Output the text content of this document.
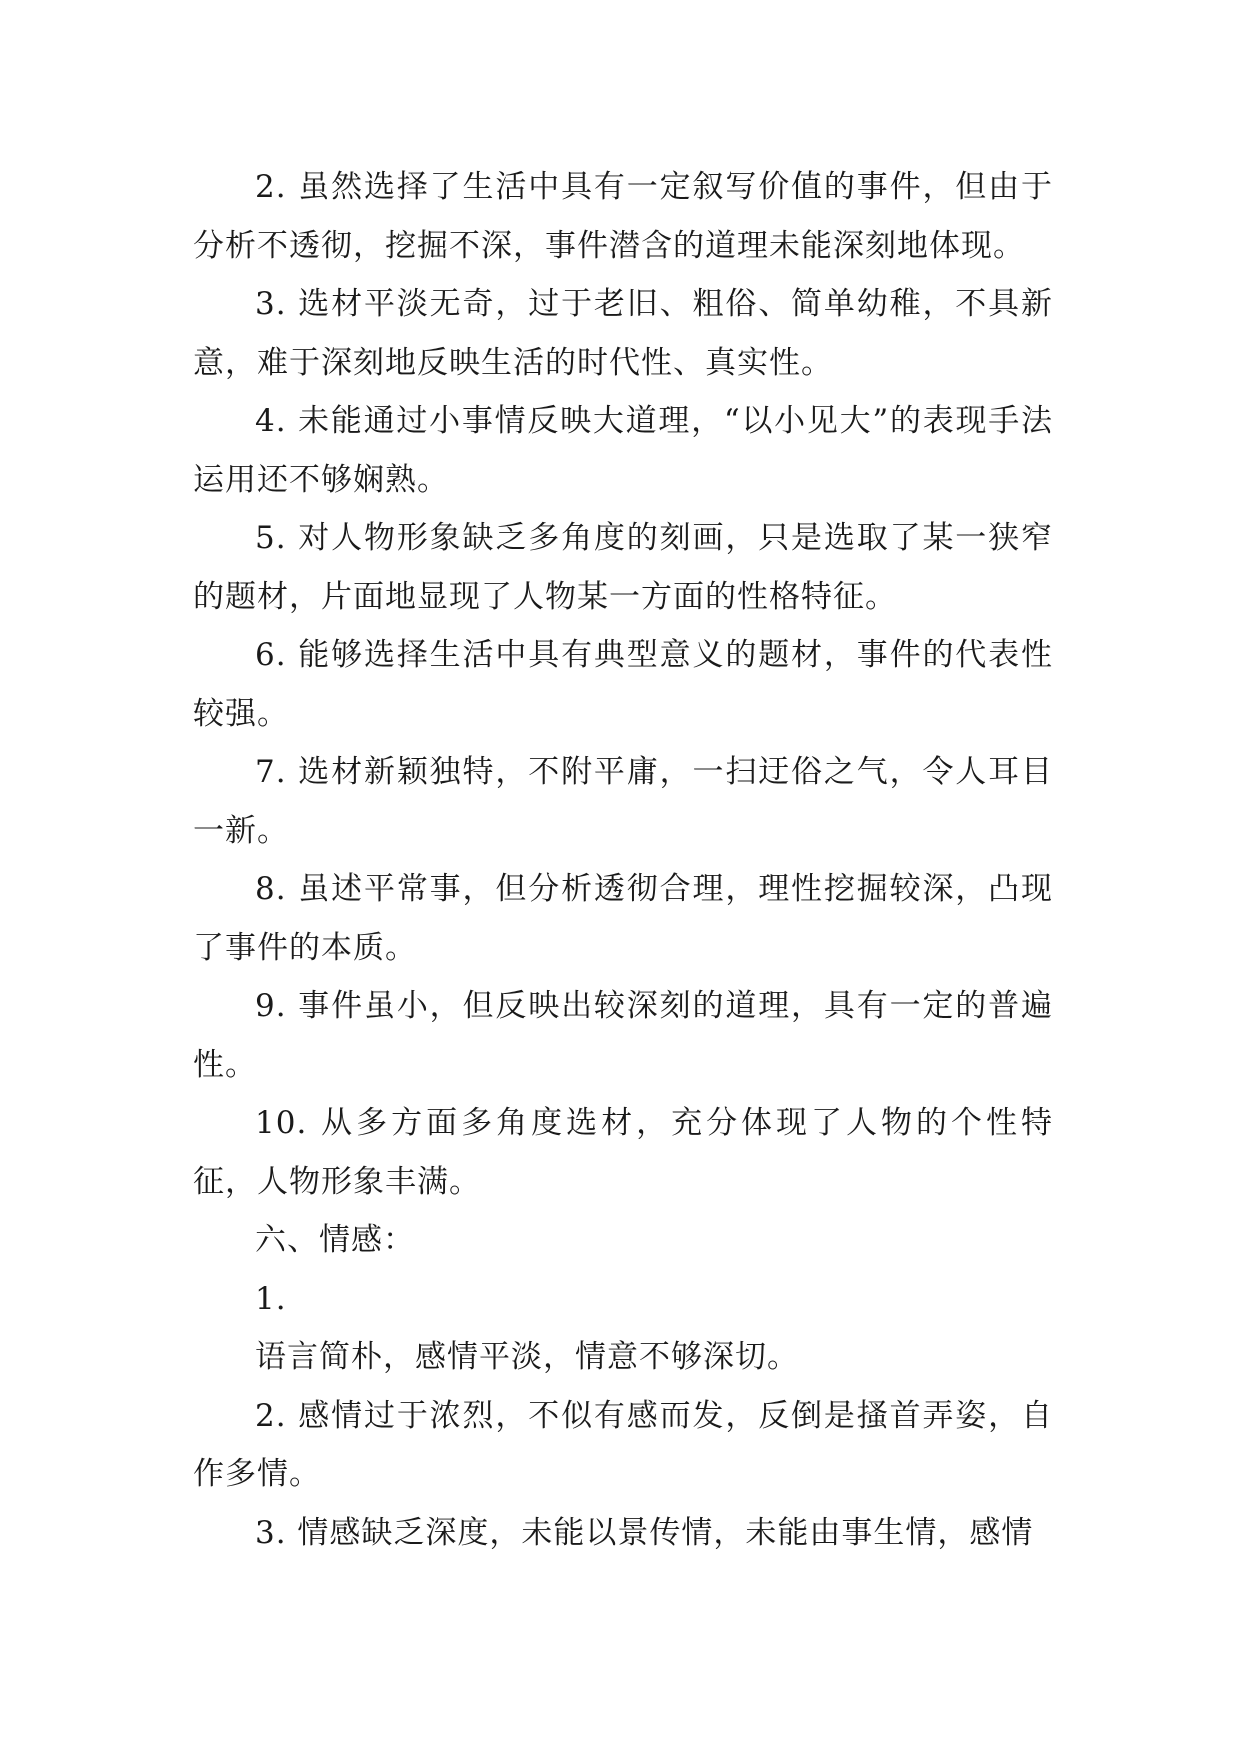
2. 虽然选择了生活中具有一定叙写价值的事件，但由于分析不透彻，挖掘不深，事件潜含的道理未能深刻地体现。

3. 选材平淡无奇，过于老旧、粗俗、简单幼稚，不具新意，难于深刻地反映生活的时代性、真实性。

4. 未能通过小事情反映大道理，“以小见大”的表现手法运用还不够娴熟。

5. 对人物形象缺乏多角度的刻画，只是选取了某一狭窄的题材，片面地显现了人物某一方面的性格特征。

6. 能够选择生活中具有典型意义的题材，事件的代表性较强。

7. 选材新颖独特，不附平庸，一扫迂俗之气，令人耳目一新。

8. 虽述平常事，但分析透彻合理，理性挖掘较深，凸现了事件的本质。

9. 事件虽小，但反映出较深刻的道理，具有一定的普遍性。

10. 从多方面多角度选材，充分体现了人物的个性特征，人物形象丰满。

六、情感：

1.

语言简朴，感情平淡，情意不够深切。

2. 感情过于浓烈，不似有感而发，反倒是搔首弄姿，自作多情。

3. 情感缺乏深度，未能以景传情，未能由事生情，感情
